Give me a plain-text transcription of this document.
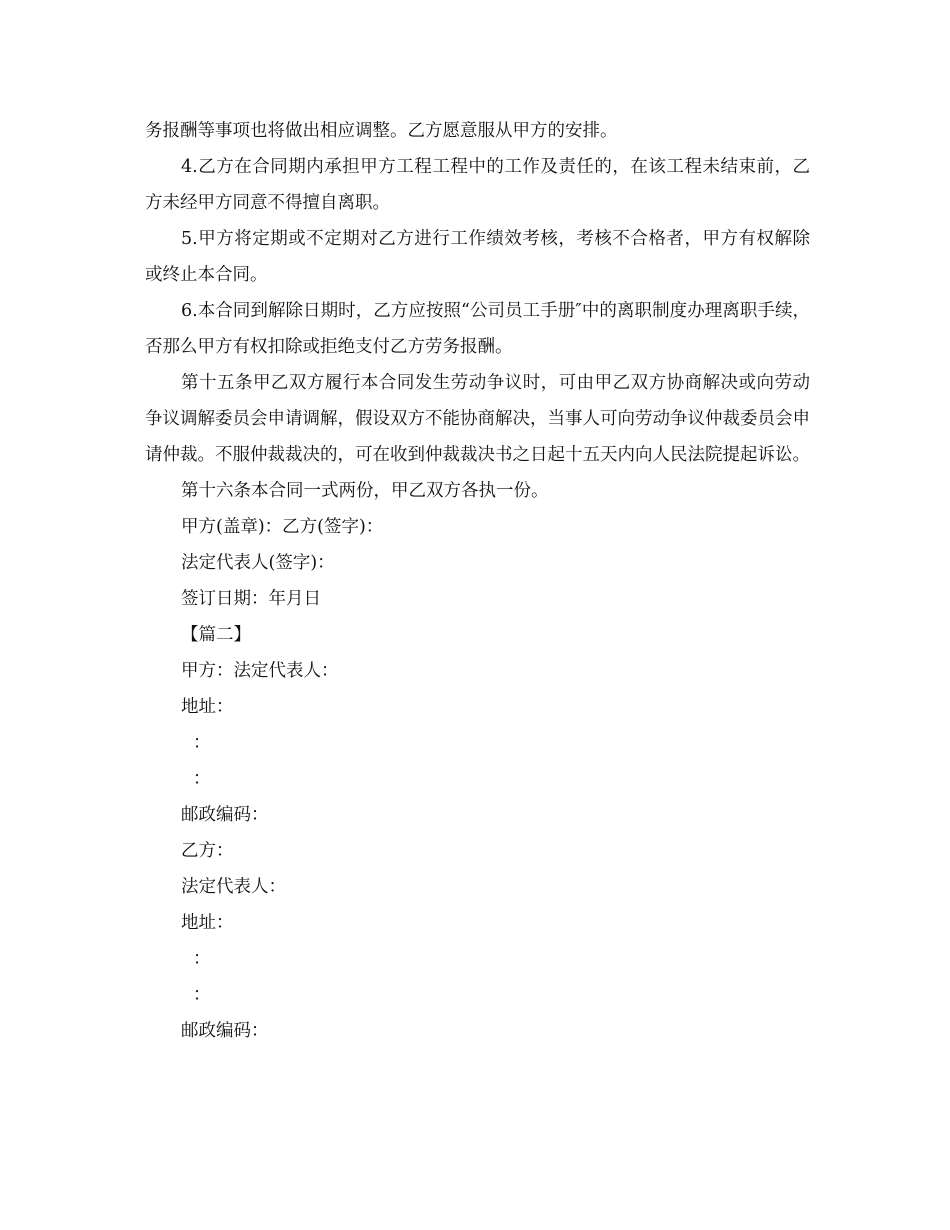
务报酬等事项也将做出相应调整。乙方愿意服从甲方的安排。

4.乙方在合同期内承担甲方工程工程中的工作及责任的，在该工程未结束前，乙方未经甲方同意不得擅自离职。

5.甲方将定期或不定期对乙方进行工作绩效考核，考核不合格者，甲方有权解除或终止本合同。

6.本合同到解除日期时，乙方应按照“公司员工手册″中的离职制度办理离职手续，否那么甲方有权扣除或拒绝支付乙方劳务报酬。

第十五条甲乙双方履行本合同发生劳动争议时，可由甲乙双方协商解决或向劳动争议调解委员会申请调解，假设双方不能协商解决，当事人可向劳动争议仲裁委员会申请仲裁。不服仲裁裁决的，可在收到仲裁裁决书之日起十五天内向人民法院提起诉讼。

第十六条本合同一式两份，甲乙双方各执一份。

甲方(盖章)：乙方(签字)：

法定代表人(签字)：

签订日期：年月日

【篇二】

甲方：法定代表人：

地址：

：

：

邮政编码：

乙方：

法定代表人：

地址：

：

：

邮政编码：
